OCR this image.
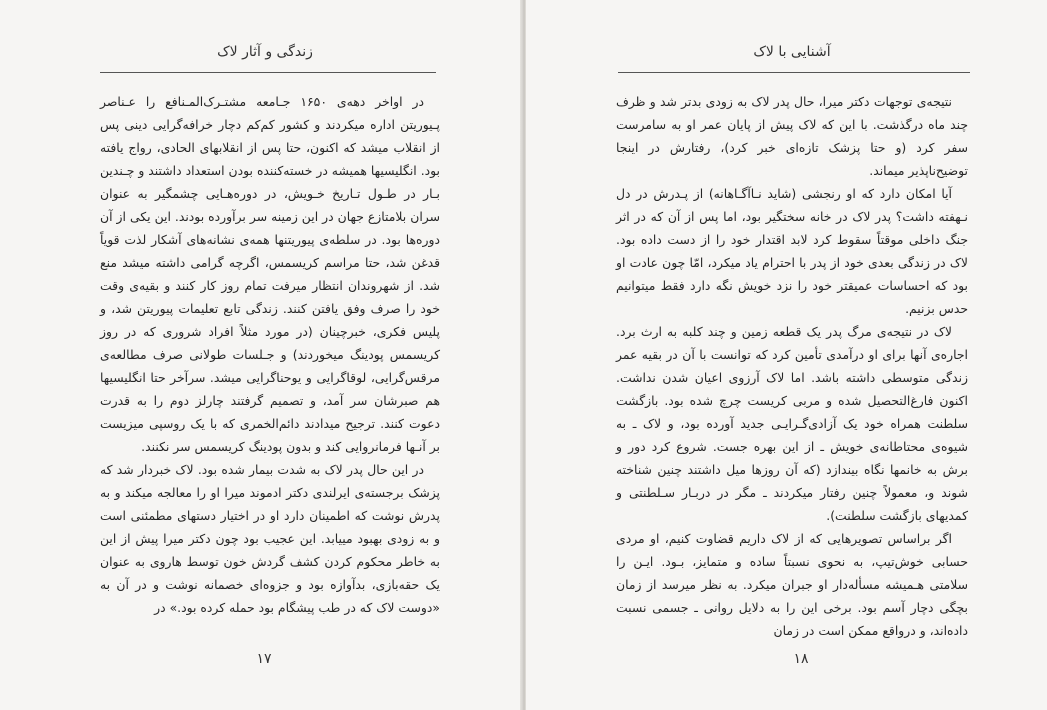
زندگی و آثار لاک

در اواخر دهه‌ی ۱۶۵۰ جـامعه مشتـرک‌المـنافع را عـناصر پـیوریتن اداره میکردند و کشور کم‌کم دچار خرافه‌گرایی دینی پس از انقلاب میشد که اکنون، حتا پس از انقلابهای الحادی، رواج یافته بود. انگلیسیها همیشه در خسته‌کننده بودن استعداد داشتند و چـندین بـار در طـول تـاریخ خـویش، در دوره‌هـایی چشمگیر به عنوان سران بلامتازع جهان در این زمینه سر برآورده بودند. این یکی از آن دوره‌ها بود. در سلطه‌ی پیوریتنها همه‌ی نشانه‌های آشکار لذت قویاً قدغن شد، حتا مراسم کریسمس، اگرچه گرامی داشته میشد منع شد. از شهروندان انتظار میرفت تمام روز کار کنند و بقیه‌ی وقت خود را صرف وفق یافتن کنند. زندگی تابع تعلیمات پیوریتن شد، و پلیس فکری، خبرچینان (در مورد مثلاً افراد شروری که در روز کریسمس پودینگ میخوردند) و جـلسات طولانی صرف مطالعه‌ی مرقس‌گرایی، لوقاگرایی و یوحناگرایی میشد. سرآخر حتا انگلیسیها هم صبرشان سر آمد، و تصمیم گرفتند چارلز دوم را به قدرت دعوت کنند. ترجیح میدادند دائم‌الخمری که با یک روسپی میزیست بر آنـها فرمانروایی کند و بدون پودینگ کریسمس سر نکنند.

در این حال پدر لاک به شدت بیمار شده بود. لاک خبردار شد که پزشک برجسته‌ی ایرلندی دکتر ادموند میرا او را معالجه میکند و به پدرش نوشت که اطمینان دارد او در اختیار دستهای مطمئنی است و به زودی بهبود مییابد. این عجیب بود چون دکتر میرا پیش از این به خاطر محکوم کردن کشف گردش خون توسط هاروی به عنوان یک حقه‌بازی، بدآوازه بود و جزوه‌ای خصمانه نوشت و در آن به «دوست لاک که در طب پیشگام بود حمله کرده بود.» در

۱۷
آشنایی با لاک

نتیجه‌ی توجهات دکتر میرا، حال پدر لاک به زودی بدتر شد و ظرف چند ماه درگذشت. با این که لاک پیش از پایان عمر او به سامرست سفر کرد (و حتا پزشک تازه‌ای خبر کرد)، رفتارش در اینجا توضیح‌ناپذیر میماند.

آیا امکان دارد که او رنجشی (شاید نـاآگـاهانه) از پـدرش در دل نـهفته داشت؟ پدر لاک در خانه سختگیر بود، اما پس از آن که در اثر جنگ داخلی موقتاً سقوط کرد لابد اقتدار خود را از دست داده بود. لاک در زندگی بعدی خود از پدر با احترام یاد میکرد، امّا چون عادت او بود که احساسات عمیقتر خود را نزد خویش نگه دارد فقط میتوانیم حدس بزنیم.

لاک در نتیجه‌ی مرگ پدر یک قطعه زمین و چند کلبه به ارث برد. اجاره‌ی آنها برای او درآمدی تأمین کرد که توانست با آن در بقیه عمر زندگی متوسطی داشته باشد. اما لاک آرزوی اعیان شدن نداشت. اکنون فارغ‌التحصیل شده و مربی کریست چرچ شده بود. بازگشت سلطنت همراه خود یک آزادی‌گـرایـی جدید آورده بود، و لاک ـ به شیوه‌ی محتاطانه‌ی خویش ـ از این بهره جست. شروع کرد دور و برش به خانمها نگاه بیندازد (که آن روزها میل داشتند چنین شناخته شوند و، معمولاً چنین رفتار میکردند ـ مگر در دربـار سـلطنتی و کمدیهای بازگشت سلطنت).

اگر براساس تصویرهایی که از لاک داریم قضاوت کنیم، او مردی حسابی خوش‌تیپ، به نحوی نسبتاً ساده و متمایز، بـود. ایـن را سلامتی هـمیشه مسأله‌دار او جبران میکرد. به نظر میرسد از زمان بچگی دچار آسم بود. برخی این را به دلایل روانی ـ جسمی نسبت داده‌اند، و درواقع ممکن است در زمان

۱۸
